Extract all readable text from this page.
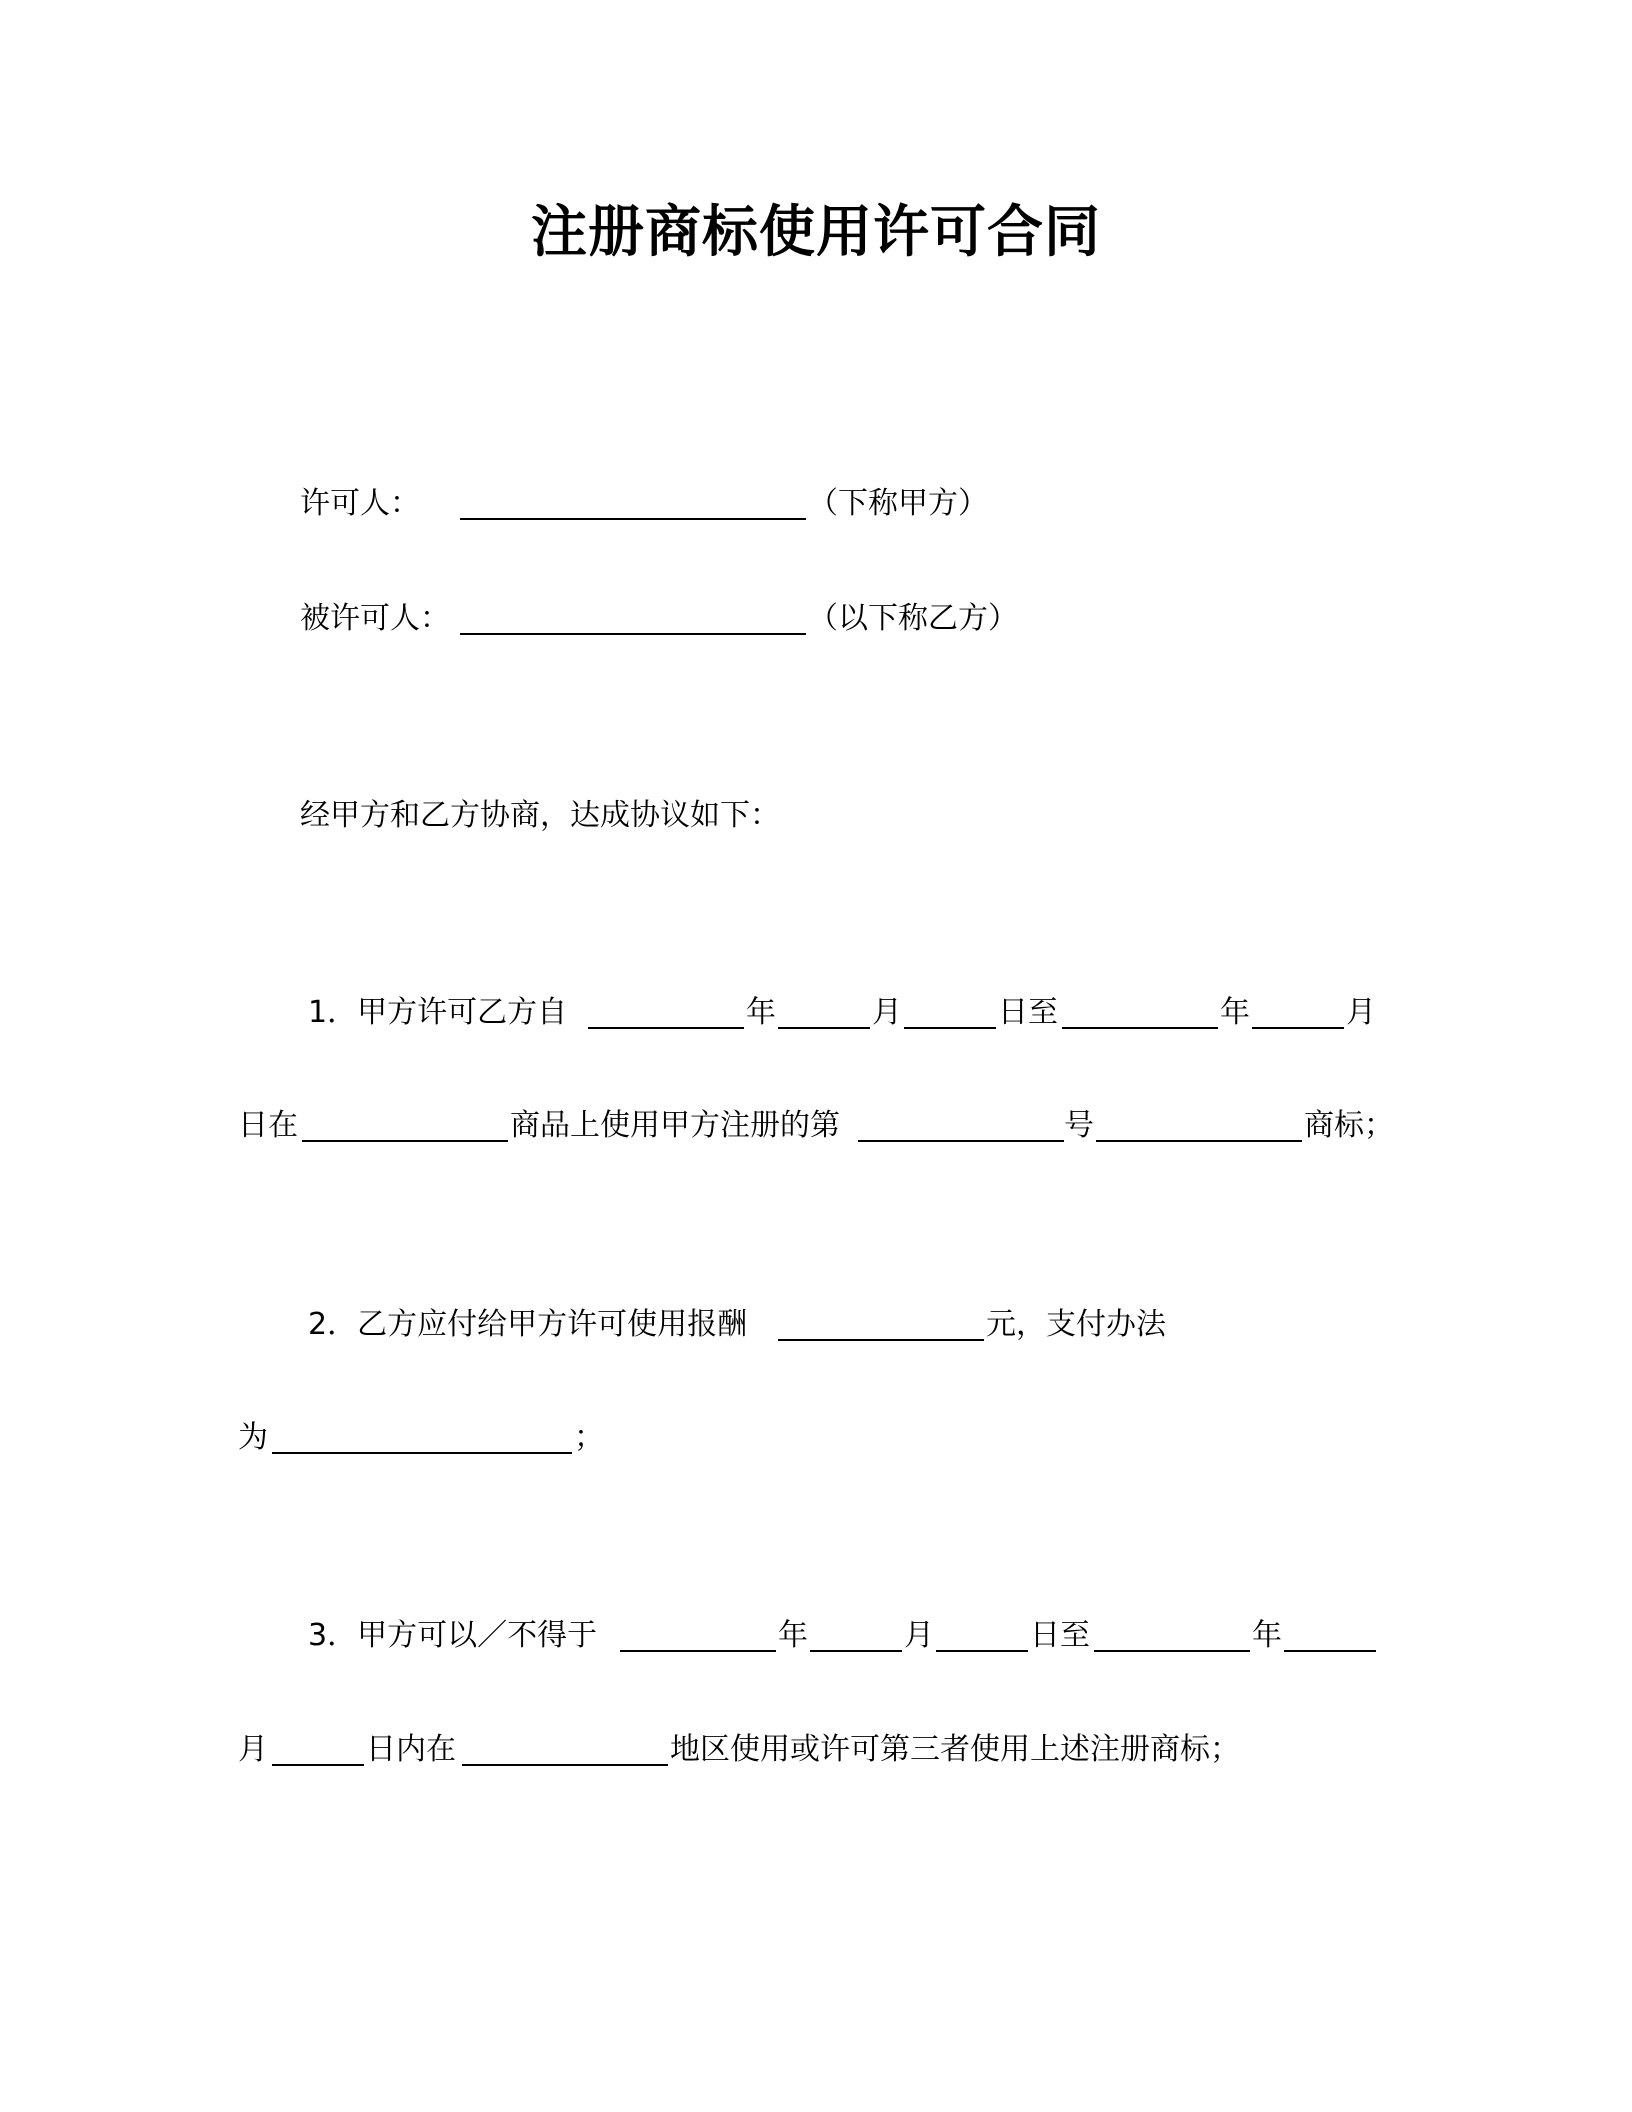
注册商标使用许可合同
许可人：	（下称甲方）
被许可人：	（以下称乙方）
经甲方和乙方协商，达成协议如下：
1．甲方许可乙方自	年	月	日至	年	月
日在	商品上使用甲方注册的第	号	商标；
2．乙方应付给甲方许可使用报酬	元，支付办法
为	；
3．甲方可以／不得于	年	月	日至	年
月	日内在	地区使用或许可第三者使用上述注册商标；
